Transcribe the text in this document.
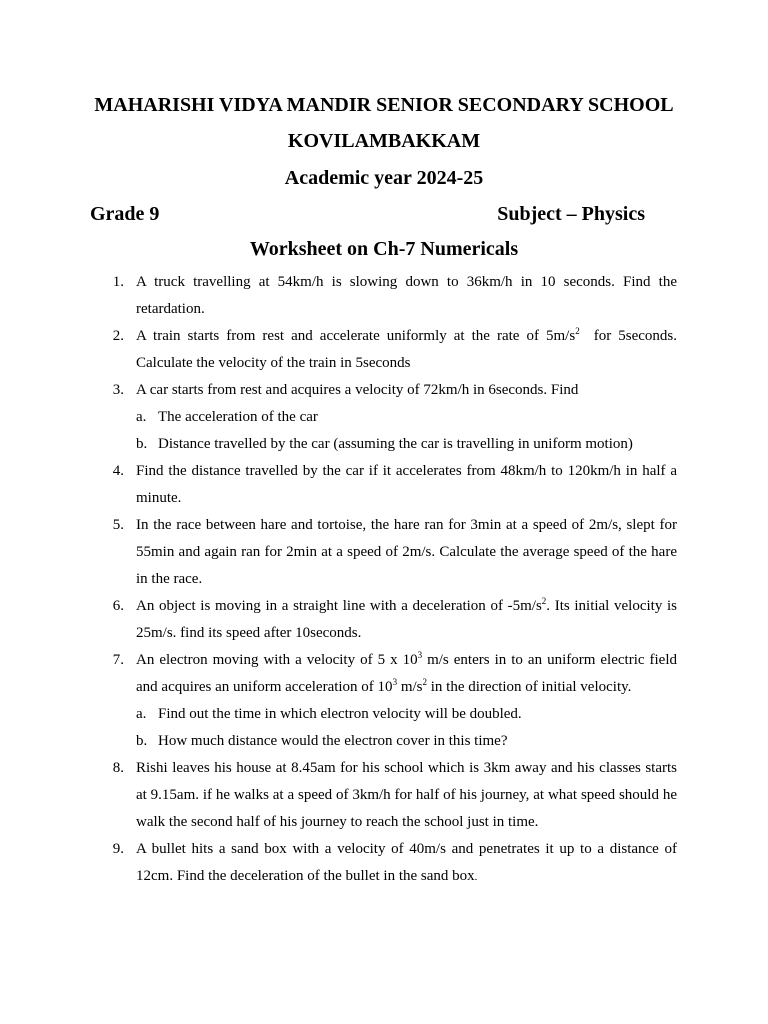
MAHARISHI VIDYA MANDIR SENIOR SECONDARY SCHOOL
KOVILAMBAKKAM
Academic year 2024-25
Grade 9	Subject – Physics
Worksheet on Ch-7 Numericals
1. A truck travelling at 54km/h is slowing down to 36km/h in 10 seconds. Find the retardation.
2. A train starts from rest and accelerate uniformly at the rate of $5m/s^2$  for 5seconds. Calculate the velocity of the train in 5seconds
3. A car starts from rest and acquires a velocity of 72km/h in 6seconds. Find
a. The acceleration of the car
b. Distance travelled by the car (assuming the car is travelling in uniform motion)
4. Find the distance travelled by the car if it accelerates from 48km/h to 120km/h in half a minute.
5. In the race between hare and tortoise, the hare ran for 3min at a speed of 2m/s, slept for 55min and again ran for 2min at a speed of 2m/s. Calculate the average speed of the hare in the race.
6. An object is moving in a straight line with a deceleration of $-5m/s^2$. Its initial velocity is 25m/s. find its speed after 10seconds.
7. An electron moving with a velocity of 5 x $10^3$ m/s enters in to an uniform electric field and acquires an uniform acceleration of $10^3$ $m/s^2$ in the direction of initial velocity.
a. Find out the time in which electron velocity will be doubled.
b. How much distance would the electron cover in this time?
8. Rishi leaves his house at 8.45am for his school which is 3km away and his classes starts at 9.15am. if he walks at a speed of 3km/h for half of his journey, at what speed should he walk the second half of his journey to reach the school just in time.
9. A bullet hits a sand box with a velocity of 40m/s and penetrates it up to a distance of 12cm. Find the deceleration of the bullet in the sand box.
